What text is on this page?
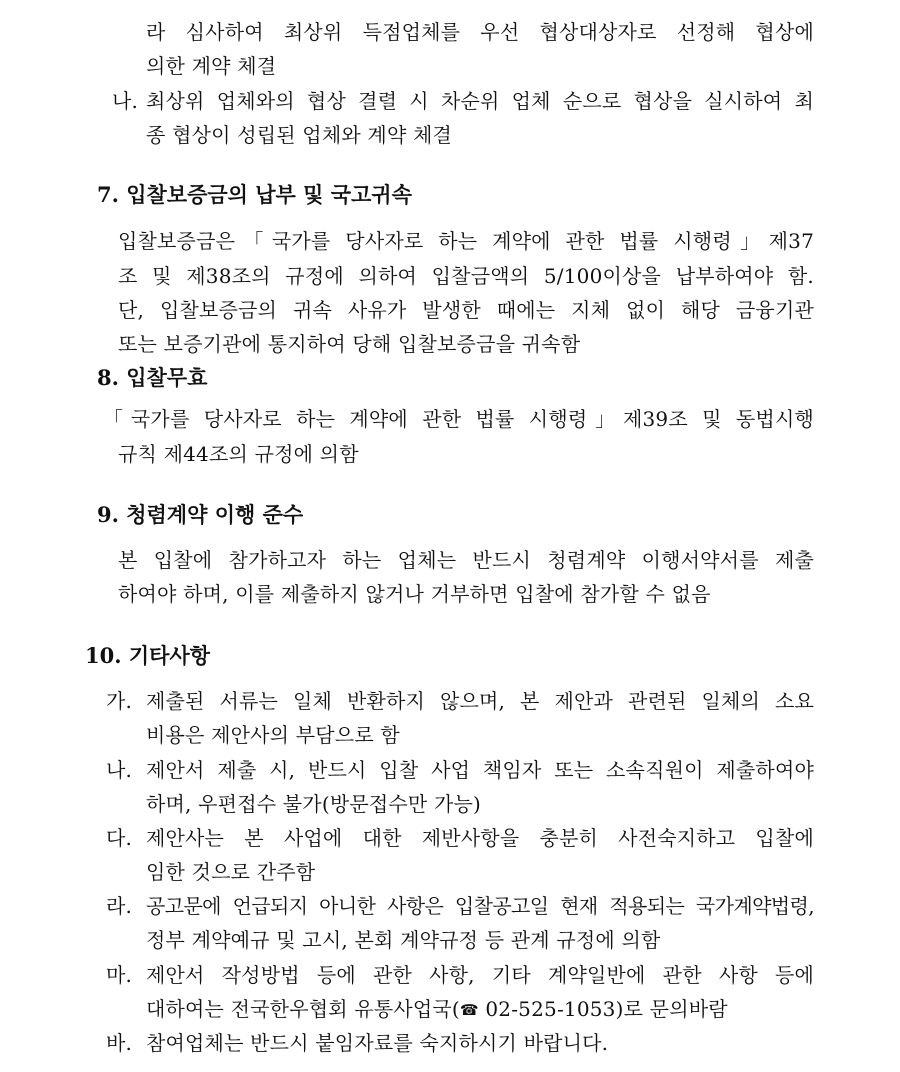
라 심사하여 최상위 득점업체를 우선 협상대상자로 선정해 협상에
의한 계약 체결
나. 최상위 업체와의 협상 결렬 시 차순위 업체 순으로 협상을 실시하여 최
종 협상이 성립된 업체와 계약 체결
7. 입찰보증금의 납부 및 국고귀속
입찰보증금은「국가를 당사자로 하는 계약에 관한 법률 시행령」제37
조 및 제38조의 규정에 의하여 입찰금액의 5/100이상을 납부하여야 함.
단, 입찰보증금의 귀속 사유가 발생한 때에는 지체 없이 해당 금융기관
또는 보증기관에 통지하여 당해 입찰보증금을 귀속함
8. 입찰무효
「국가를 당사자로 하는 계약에 관한 법률 시행령」제39조 및 동법시행
규칙 제44조의 규정에 의함
9. 청렴계약 이행 준수
본 입찰에 참가하고자 하는 업체는 반드시 청렴계약 이행서약서를 제출
하여야 하며, 이를 제출하지 않거나 거부하면 입찰에 참가할 수 없음
10. 기타사항
가. 제출된 서류는 일체 반환하지 않으며, 본 제안과 관련된 일체의 소요
비용은 제안사의 부담으로 함
나. 제안서 제출 시, 반드시 입찰 사업 책임자 또는 소속직원이 제출하여야
하며, 우편접수 불가(방문접수만 가능)
다. 제안사는 본 사업에 대한 제반사항을 충분히 사전숙지하고 입찰에
임한 것으로 간주함
라. 공고문에 언급되지 아니한 사항은 입찰공고일 현재 적용되는 국가계약법령,
정부 계약예규 및 고시, 본회 계약규정 등 관계 규정에 의함
마. 제안서 작성방법 등에 관한 사항, 기타 계약일반에 관한 사항 등에
대하여는 전국한우협회 유통사업국(☎ 02-525-1053)로 문의바람
바. 참여업체는 반드시 붙임자료를 숙지하시기 바랍니다.
